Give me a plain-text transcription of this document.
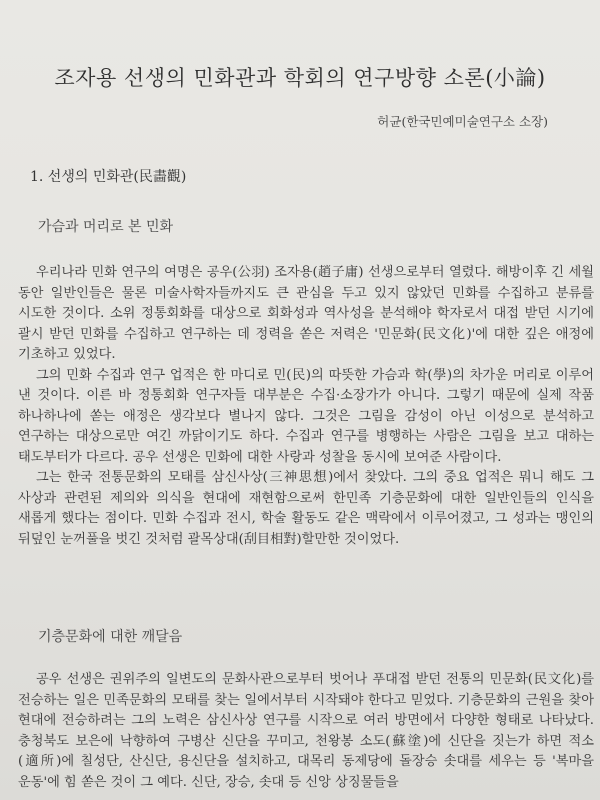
조자용 선생의 민화관과 학회의 연구방향 소론(小論)
허균(한국민예미술연구소 소장)
1. 선생의 민화관(民畵觀)
가슴과 머리로 본 민화

우리나라 민화 연구의 여명은 공우(公羽) 조자용(趙子庸) 선생으로부터 열렸다. 해방이후 긴 세월 동안 일반인들은 물론 미술사학자들까지도 큰 관심을 두고 있지 않았던 민화를 수집하고 분류를 시도한 것이다. 소위 정통회화를 대상으로 회화성과 역사성을 분석해야 학자로서 대접 받던 시기에 괄시 받던 민화를 수집하고 연구하는 데 정력을 쏟은 저력은 '민문화(民文化)'에 대한 깊은 애정에 기초하고 있었다.

그의 민화 수집과 연구 업적은 한 마디로 민(民)의 따뜻한 가슴과 학(學)의 차가운 머리로 이루어 낸 것이다. 이른 바 정통회화 연구자들 대부분은 수집·소장가가 아니다. 그렇기 때문에 실제 작품 하나하나에 쏟는 애정은 생각보다 별나지 않다. 그것은 그림을 감성이 아닌 이성으로 분석하고 연구하는 대상으로만 여긴 까닭이기도 하다. 수집과 연구를 병행하는 사람은 그림을 보고 대하는 태도부터가 다르다. 공우 선생은 민화에 대한 사랑과 성찰을 동시에 보여준 사람이다.

그는 한국 전통문화의 모태를 삼신사상(三神思想)에서 찾았다. 그의 중요 업적은 뭐니 해도 그 사상과 관련된 제의와 의식을 현대에 재현함으로써 한민족 기층문화에 대한 일반인들의 인식을 새롭게 했다는 점이다. 민화 수집과 전시, 학술 활동도 같은 맥락에서 이루어졌고, 그 성과는 맹인의 뒤덮인 눈꺼풀을 벗긴 것처럼 괄목상대(刮目相對)할만한 것이었다.

기층문화에 대한 깨달음

공우 선생은 권위주의 일변도의 문화사관으로부터 벗어나 푸대접 받던 전통의 민문화(民文化)를 전승하는 일은 민족문화의 모태를 찾는 일에서부터 시작돼야 한다고 믿었다. 기층문화의 근원을 찾아 현대에 전승하려는 그의 노력은 삼신사상 연구를 시작으로 여러 방면에서 다양한 형태로 나타났다. 충청북도 보은에 낙향하여 구병산 신단을 꾸미고, 천왕봉 소도(蘇塗)에 신단을 짓는가 하면 적소(適所)에 칠성단, 산신단, 용신단을 설치하고, 대목리 동제당에 돌장승 솟대를 세우는 등 '복마을 운동'에 힘 쏟은 것이 그 예다. 신단, 장승, 솟대 등 신앙 상징물들을
